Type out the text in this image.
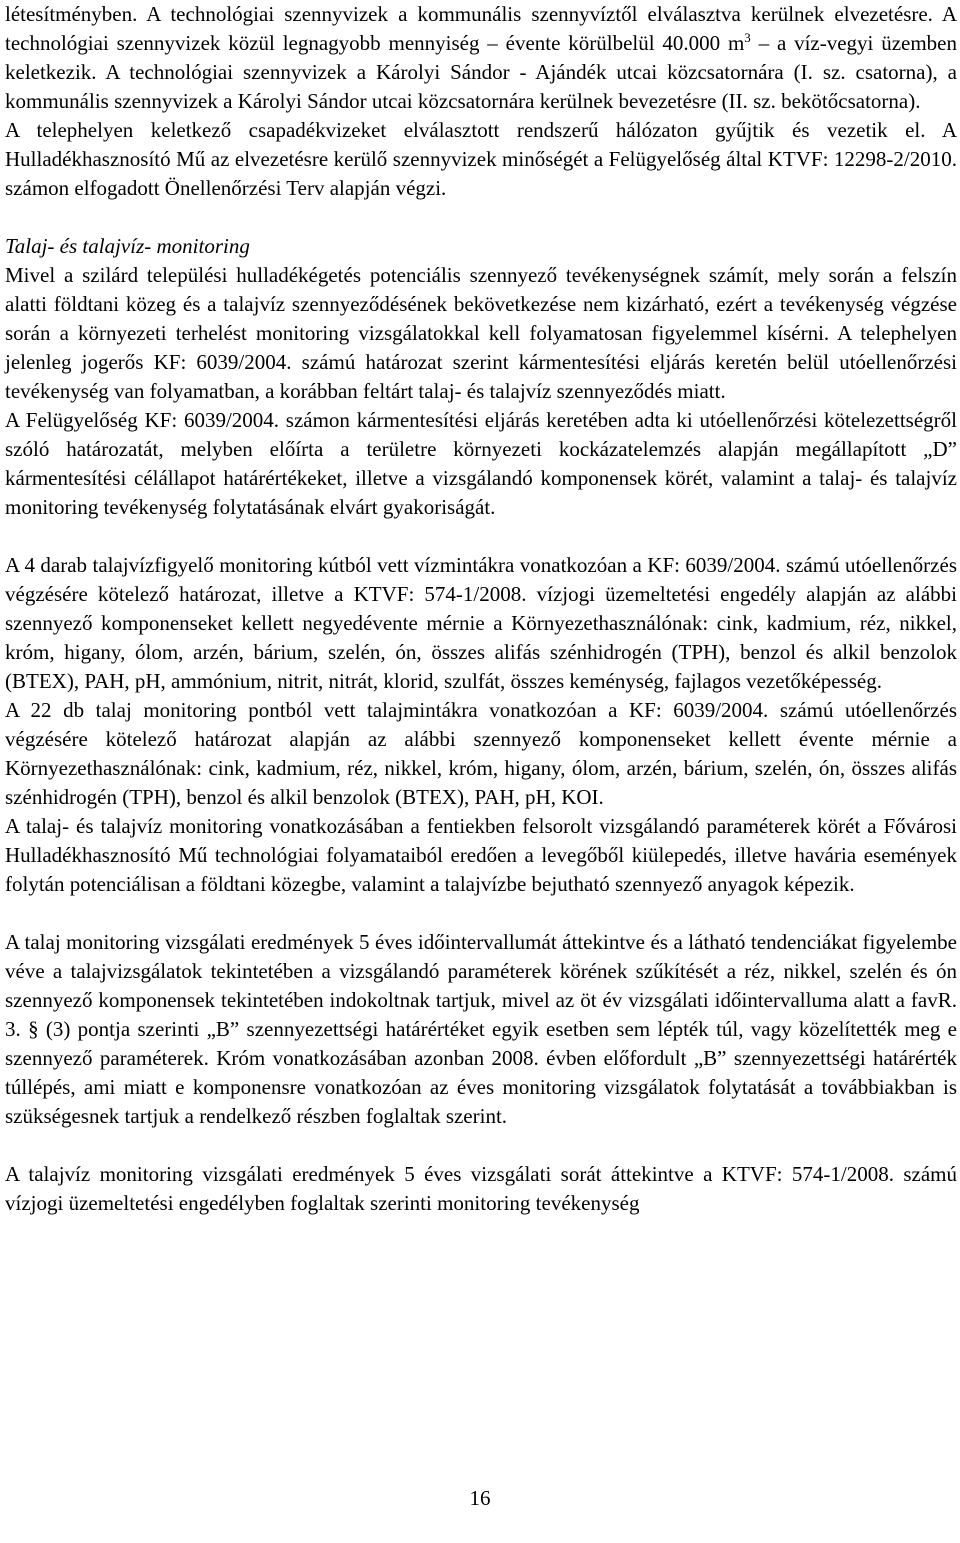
létesítményben. A technológiai szennyvizek a kommunális szennyvíztől elválasztva kerülnek elvezetésre. A technológiai szennyvizek közül legnagyobb mennyiség – évente körülbelül 40.000 $m^3$ – a víz-vegyi üzemben keletkezik. A technológiai szennyvizek a Károlyi Sándor - Ajándék utcai közcsatornára (I. sz. csatorna), a kommunális szennyvizek a Károlyi Sándor utcai közcsatornára kerülnek bevezetésre (II. sz. bekötőcsatorna).

A telephelyen keletkező csapadékvizeket elválasztott rendszerű hálózaton gyűjtik és vezetik el. A Hulladékhasznosító Mű az elvezetésre kerülő szennyvizek minőségét a Felügyelőség által KTVF: 12298-2/2010. számon elfogadott Önellenőrzési Terv alapján végzi.

Talaj- és talajvíz- monitoring

Mivel a szilárd települési hulladékégetés potenciális szennyező tevékenységnek számít, mely során a felszín alatti földtani közeg és a talajvíz szennyeződésének bekövetkezése nem kizárható, ezért a tevékenység végzése során a környezeti terhelést monitoring vizsgálatokkal kell folyamatosan figyelemmel kísérni. A telephelyen jelenleg jogerős KF: 6039/2004. számú határozat szerint kármentesítési eljárás keretén belül utóellenőrzési tevékenység van folyamatban, a korábban feltárt talaj- és talajvíz szennyeződés miatt.

A Felügyelőség KF: 6039/2004. számon kármentesítési eljárás keretében adta ki utóellenőrzési kötelezettségről szóló határozatát, melyben előírta a területre környezeti kockázatelemzés alapján megállapított „D” kármentesítési célállapot határértékeket, illetve a vizsgálandó komponensek körét, valamint a talaj- és talajvíz monitoring tevékenység folytatásának elvárt gyakoriságát.

A 4 darab talajvízfigyelő monitoring kútból vett vízmintákra vonatkozóan a KF: 6039/2004. számú utóellenőrzés végzésére kötelező határozat, illetve a KTVF: 574-1/2008. vízjogi üzemeltetési engedély alapján az alábbi szennyező komponenseket kellett negyedévente mérnie a Környezethasználónak: cink, kadmium, réz, nikkel, króm, higany, ólom, arzén, bárium, szelén, ón, összes alifás szénhidrogén (TPH), benzol és alkil benzolok (BTEX), PAH, pH, ammónium, nitrit, nitrát, klorid, szulfát, összes keménység, fajlagos vezetőképesség.

A 22 db talaj monitoring pontból vett talajmintákra vonatkozóan a KF: 6039/2004. számú utóellenőrzés végzésére kötelező határozat alapján az alábbi szennyező komponenseket kellett évente mérnie a Környezethasználónak: cink, kadmium, réz, nikkel, króm, higany, ólom, arzén, bárium, szelén, ón, összes alifás szénhidrogén (TPH), benzol és alkil benzolok (BTEX), PAH, pH, KOI.

A talaj- és talajvíz monitoring vonatkozásában a fentiekben felsorolt vizsgálandó paraméterek körét a Fővárosi Hulladékhasznosító Mű technológiai folyamataiból eredően a levegőből kiülepedés, illetve havária események folytán potenciálisan a földtani közegbe, valamint a talajvízbe bejutható szennyező anyagok képezik.

A talaj monitoring vizsgálati eredmények 5 éves időintervallumát áttekintve és a látható tendenciákat figyelembe véve a talajvizsgálatok tekintetében a vizsgálandó paraméterek körének szűkítését a réz, nikkel, szelén és ón szennyező komponensek tekintetében indokoltnak tartjuk, mivel az öt év vizsgálati időintervalluma alatt a favR. 3. § (3) pontja szerinti „B” szennyezettségi határértéket egyik esetben sem lépték túl, vagy közelítették meg e szennyező paraméterek. Króm vonatkozásában azonban 2008. évben előfordult „B” szennyezettségi határérték túllépés, ami miatt e komponensre vonatkozóan az éves monitoring vizsgálatok folytatását a továbbiakban is szükségesnek tartjuk a rendelkező részben foglaltak szerint.

A talajvíz monitoring vizsgálati eredmények 5 éves vizsgálati sorát áttekintve a KTVF: 574-1/2008. számú vízjogi üzemeltetési engedélyben foglaltak szerinti monitoring tevékenység

16
